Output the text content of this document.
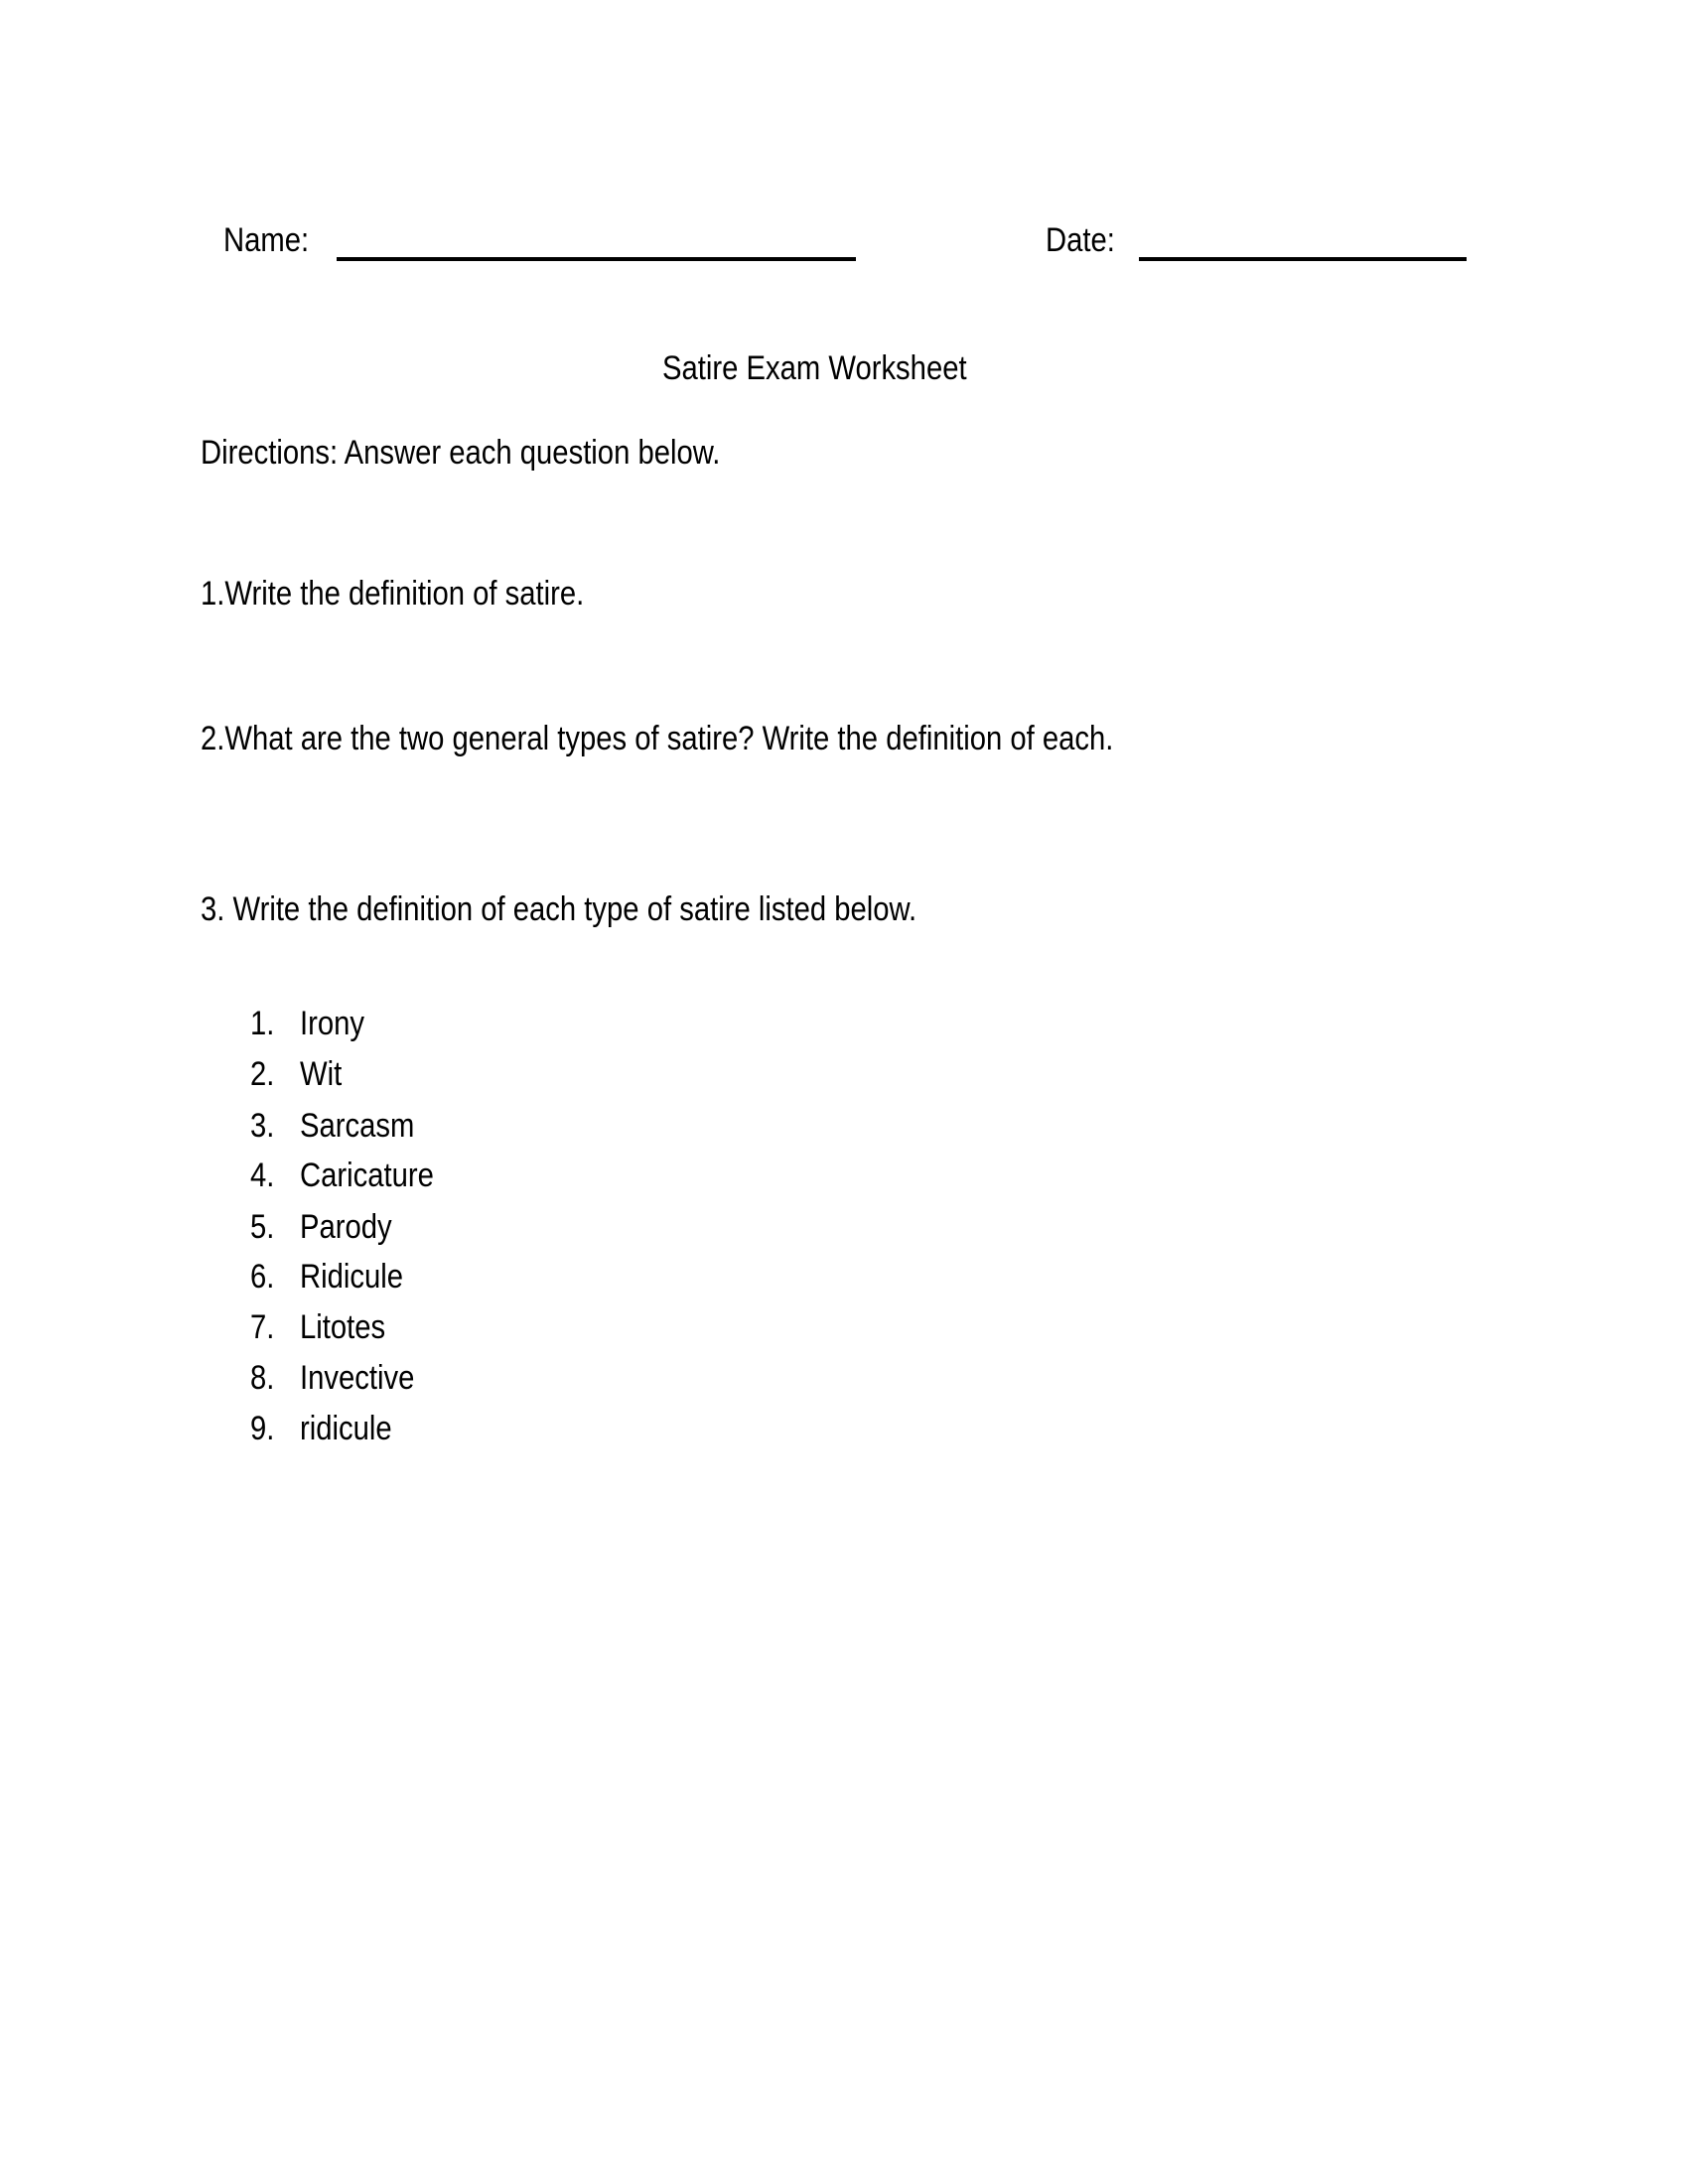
Name:	Date:
Satire Exam Worksheet
Directions: Answer each question below.
1.Write the definition of satire.
2.What are the two general types of satire? Write the definition of each.
3. Write the definition of each type of satire listed below.
1. Irony
2. Wit
3. Sarcasm
4. Caricature
5. Parody
6. Ridicule
7. Litotes
8. Invective
9. ridicule
